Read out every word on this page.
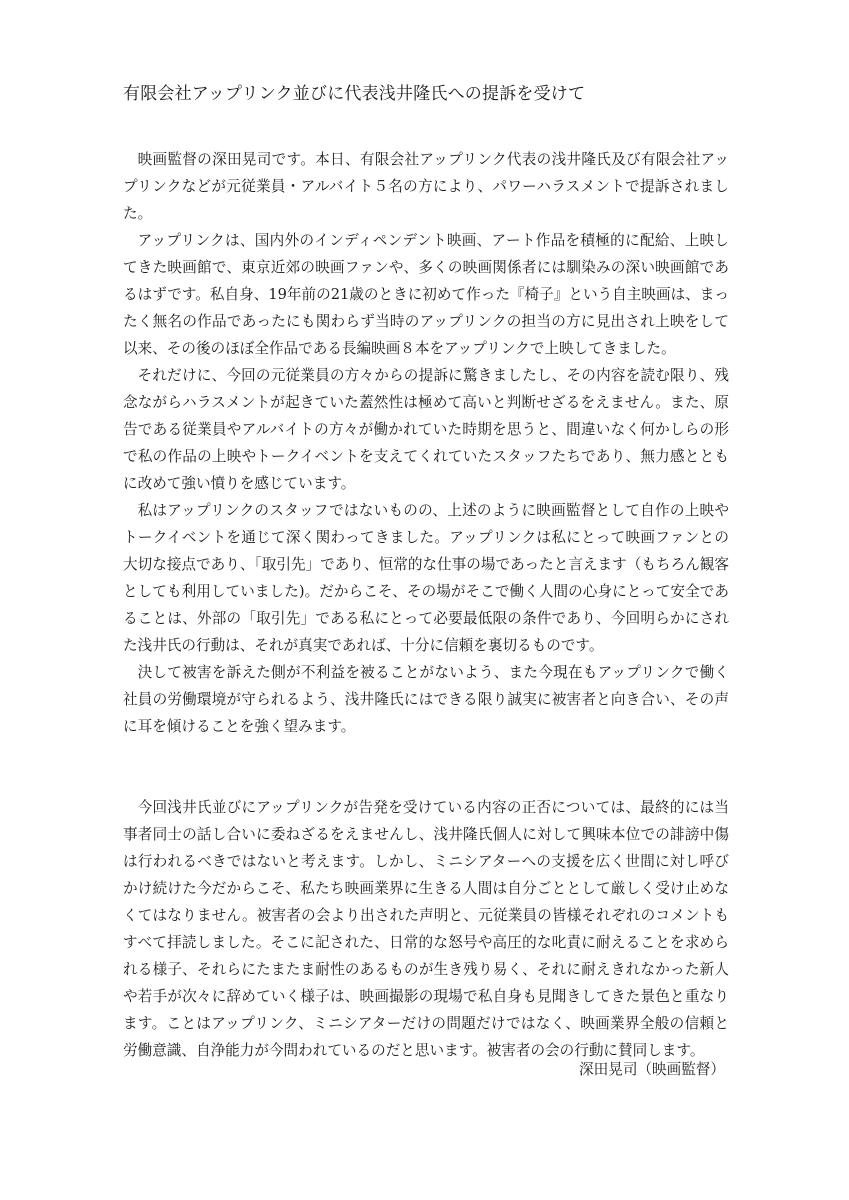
有限会社アップリンク並びに代表浅井隆氏への提訴を受けて

映画監督の深田晃司です。本日、有限会社アップリンク代表の浅井隆氏及び有限会社アップリンクなどが元従業員・アルバイト５名の方により、パワーハラスメントで提訴されました。

アップリンクは、国内外のインディペンデント映画、アート作品を積極的に配給、上映してきた映画館で、東京近郊の映画ファンや、多くの映画関係者には馴染みの深い映画館であるはずです。私自身、19年前の21歳のときに初めて作った『椅子』という自主映画は、まったく無名の作品であったにも関わらず当時のアップリンクの担当の方に見出され上映をして以来、その後のほぼ全作品である長編映画８本をアップリンクで上映してきました。

それだけに、今回の元従業員の方々からの提訴に驚きましたし、その内容を読む限り、残念ながらハラスメントが起きていた蓋然性は極めて高いと判断せざるをえません。また、原告である従業員やアルバイトの方々が働かれていた時期を思うと、間違いなく何かしらの形で私の作品の上映やトークイベントを支えてくれていたスタッフたちであり、無力感とともに改めて強い憤りを感じています。

私はアップリンクのスタッフではないものの、上述のように映画監督として自作の上映やトークイベントを通じて深く関わってきました。アップリンクは私にとって映画ファンとの大切な接点であり、「取引先」であり、恒常的な仕事の場であったと言えます（もちろん観客としても利用していました)。だからこそ、その場がそこで働く人間の心身にとって安全であることは、外部の「取引先」である私にとって必要最低限の条件であり、今回明らかにされた浅井氏の行動は、それが真実であれば、十分に信頼を裏切るものです。

決して被害を訴えた側が不利益を被ることがないよう、また今現在もアップリンクで働く社員の労働環境が守られるよう、浅井隆氏にはできる限り誠実に被害者と向き合い、その声に耳を傾けることを強く望みます。

今回浅井氏並びにアップリンクが告発を受けている内容の正否については、最終的には当事者同士の話し合いに委ねざるをえませんし、浅井隆氏個人に対して興味本位での誹謗中傷は行われるべきではないと考えます。しかし、ミニシアターへの支援を広く世間に対し呼びかけ続けた今だからこそ、私たち映画業界に生きる人間は自分ごととして厳しく受け止めなくてはなりません。被害者の会より出された声明と、元従業員の皆様それぞれのコメントもすべて拝読しました。そこに記された、日常的な怒号や高圧的な叱責に耐えることを求められる様子、それらにたまたま耐性のあるものが生き残り易く、それに耐えきれなかった新人や若手が次々に辞めていく様子は、映画撮影の現場で私自身も見聞きしてきた景色と重なります。ことはアップリンク、ミニシアターだけの問題だけではなく、映画業界全般の信頼と労働意識、自浄能力が今問われているのだと思います。被害者の会の行動に賛同します。

深田晃司（映画監督）
